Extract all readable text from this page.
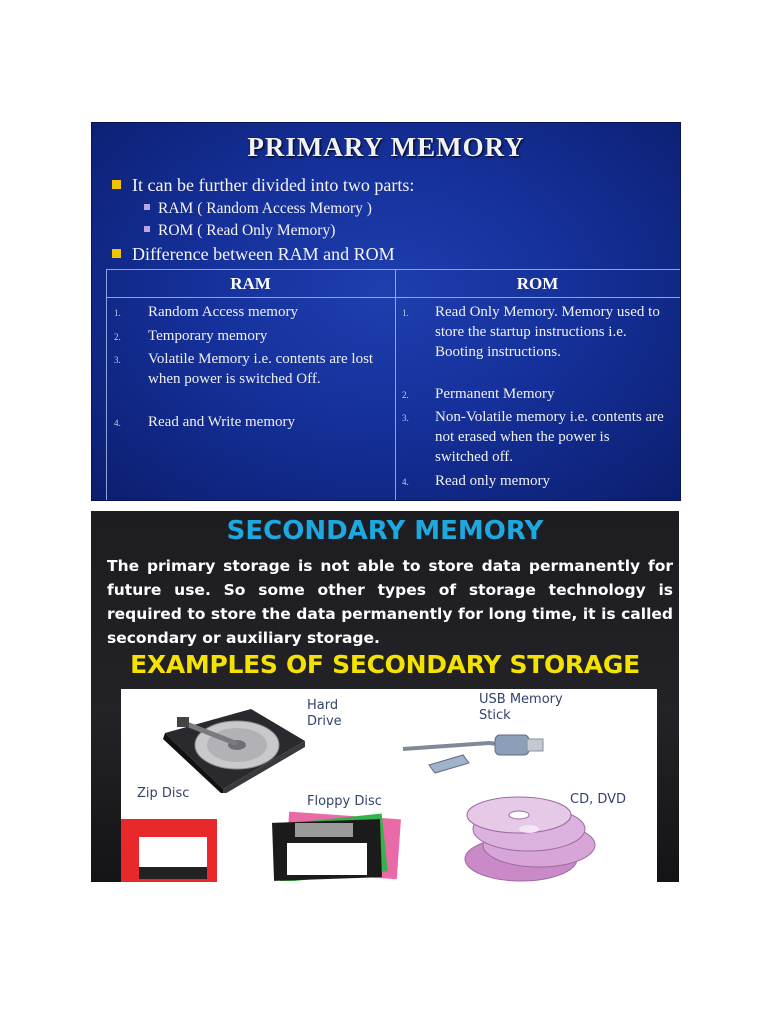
PRIMARY MEMORY
It can be further divided into two parts:
RAM ( Random Access Memory )
ROM ( Read Only Memory)
Difference between RAM and ROM
RAM	ROM
1. Random Access memory
2. Temporary memory
3. Volatile Memory i.e. contents are lost when power is switched Off.
4. Read and Write memory
1. Read Only Memory. Memory used to store the startup instructions i.e. Booting instructions.
2. Permanent Memory
3. Non-Volatile memory i.e. contents are not erased when the power is switched off.
4. Read only memory
SECONDARY MEMORY
The primary storage is not able to store data permanently for future use. So some other types of storage technology is required to store the data permanently for long time, it is called secondary or auxiliary storage.
EXAMPLES OF SECONDARY STORAGE
Hard Drive
USB Memory Stick
Zip Disc
Floppy Disc	CD, DVD
